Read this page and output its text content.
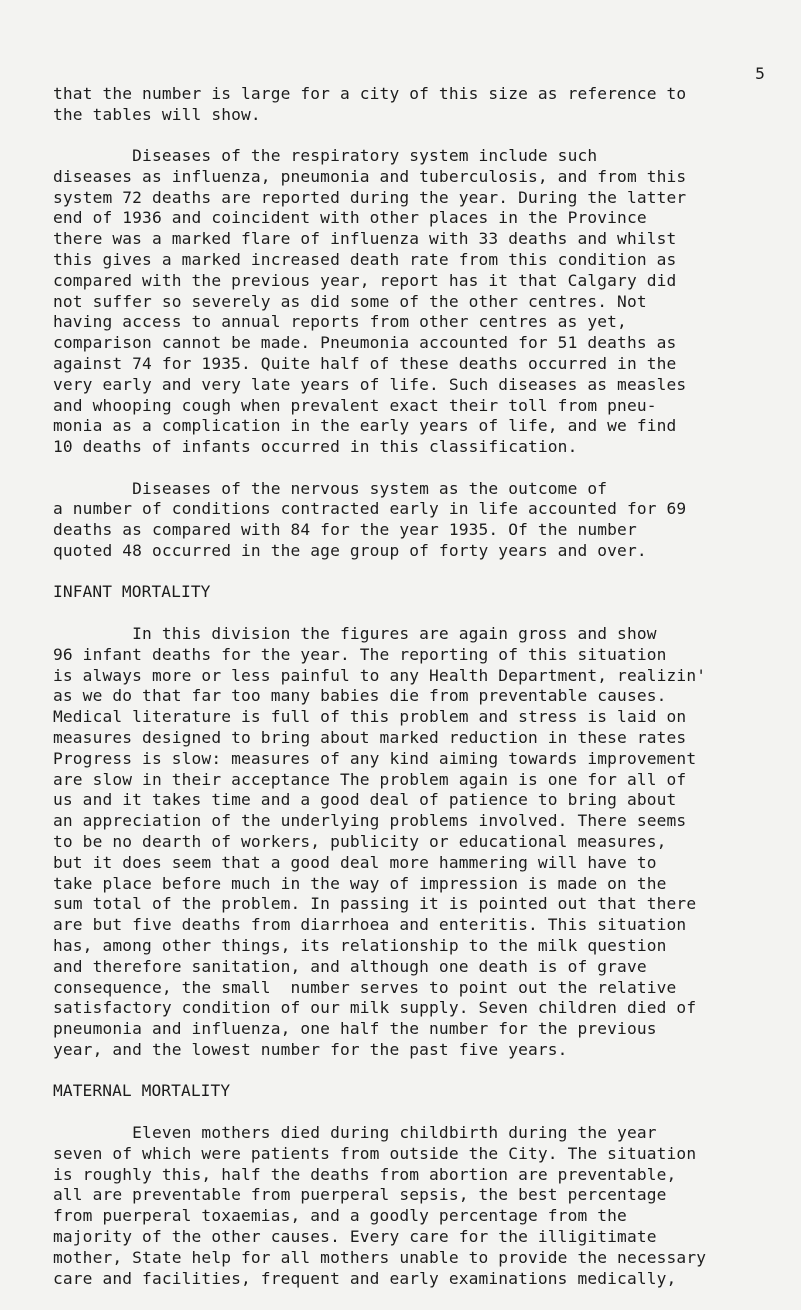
5

that the number is large for a city of this size as reference to
the tables will show.

Diseases of the respiratory system include such
diseases as influenza, pneumonia and tuberculosis, and from this
system 72 deaths are reported during the year. During the latter
end of 1936 and coincident with other places in the Province
there was a marked flare of influenza with 33 deaths and whilst
this gives a marked increased death rate from this condition as
compared with the previous year, report has it that Calgary did
not suffer so severely as did some of the other centres. Not
having access to annual reports from other centres as yet,
comparison cannot be made. Pneumonia accounted for 51 deaths as
against 74 for 1935. Quite half of these deaths occurred in the
very early and very late years of life. Such diseases as measles
and whooping cough when prevalent exact their toll from pneu-
monia as a complication in the early years of life, and we find
10 deaths of infants occurred in this classification.

Diseases of the nervous system as the outcome of
a number of conditions contracted early in life accounted for 69
deaths as compared with 84 for the year 1935. Of the number
quoted 48 occurred in the age group of forty years and over.

INFANT MORTALITY

In this division the figures are again gross and show
96 infant deaths for the year. The reporting of this situation
is always more or less painful to any Health Department, realizin'
as we do that far too many babies die from preventable causes.
Medical literature is full of this problem and stress is laid on
measures designed to bring about marked reduction in these rates
Progress is slow: measures of any kind aiming towards improvement
are slow in their acceptance The problem again is one for all of
us and it takes time and a good deal of patience to bring about
an appreciation of the underlying problems involved. There seems
to be no dearth of workers, publicity or educational measures,
but it does seem that a good deal more hammering will have to
take place before much in the way of impression is made on the
sum total of the problem. In passing it is pointed out that there
are but five deaths from diarrhoea and enteritis. This situation
has, among other things, its relationship to the milk question
and therefore sanitation, and although one death is of grave
consequence, the small  number serves to point out the relative
satisfactory condition of our milk supply. Seven children died of
pneumonia and influenza, one half the number for the previous
year, and the lowest number for the past five years.

MATERNAL MORTALITY

Eleven mothers died during childbirth during the year
seven of which were patients from outside the City. The situation
is roughly this, half the deaths from abortion are preventable,
all are preventable from puerperal sepsis, the best percentage
from puerperal toxaemias, and a goodly percentage from the
majority of the other causes. Every care for the illigitimate
mother, State help for all mothers unable to provide the necessary
care and facilities, frequent and early examinations medically,
